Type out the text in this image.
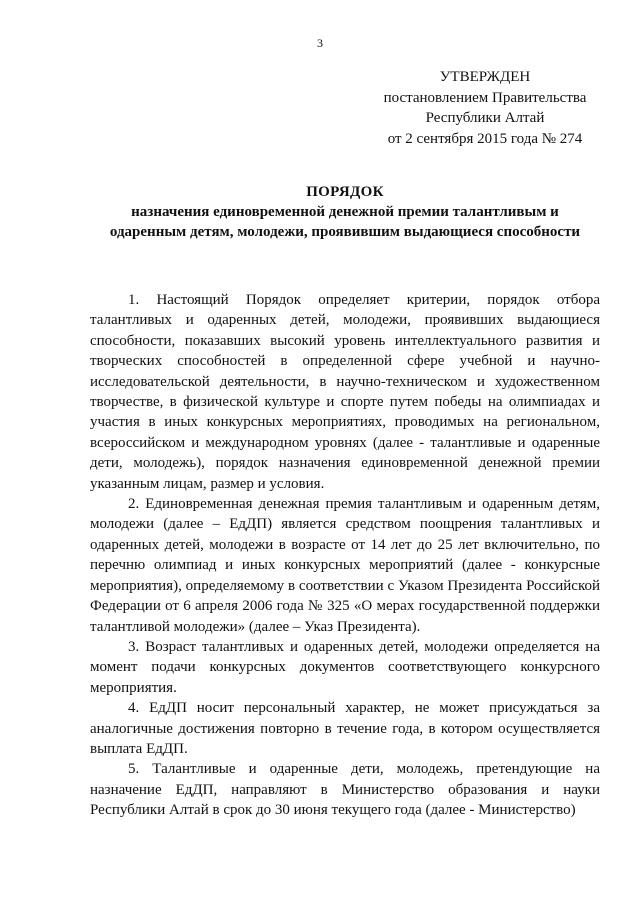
3
УТВЕРЖДЕН
постановлением Правительства
Республики Алтай
от 2 сентября 2015 года № 274
ПОРЯДОК
назначения единовременной денежной премии талантливым и
одаренным детям, молодежи, проявившим выдающиеся способности

1. Настоящий Порядок определяет критерии, порядок отбора талантливых и одаренных детей, молодежи, проявивших выдающиеся способности, показавших высокий уровень интеллектуального развития и творческих способностей в определенной сфере учебной и научно-исследовательской деятельности, в научно-техническом и художественном творчестве, в физической культуре и спорте путем победы на олимпиадах и участия в иных конкурсных мероприятиях, проводимых на региональном, всероссийском и международном уровнях (далее - талантливые и одаренные дети, молодежь), порядок назначения единовременной денежной премии указанным лицам, размер и условия.

2. Единовременная денежная премия талантливым и одаренным детям, молодежи (далее – ЕдДП) является средством поощрения талантливых и одаренных детей, молодежи в возрасте от 14 лет до 25 лет включительно, по перечню олимпиад и иных конкурсных мероприятий (далее - конкурсные мероприятия), определяемому в соответствии с Указом Президента Российской Федерации от 6 апреля 2006 года № 325 «О мерах государственной поддержки талантливой молодежи» (далее – Указ Президента).

3. Возраст талантливых и одаренных детей, молодежи определяется на момент подачи конкурсных документов соответствующего конкурсного мероприятия.

4. ЕдДП носит персональный характер, не может присуждаться за аналогичные достижения повторно в течение года, в котором осуществляется выплата ЕдДП.

5. Талантливые и одаренные дети, молодежь, претендующие на назначение ЕдДП, направляют в Министерство образования и науки Республики Алтай в срок до 30 июня текущего года (далее - Министерство)
